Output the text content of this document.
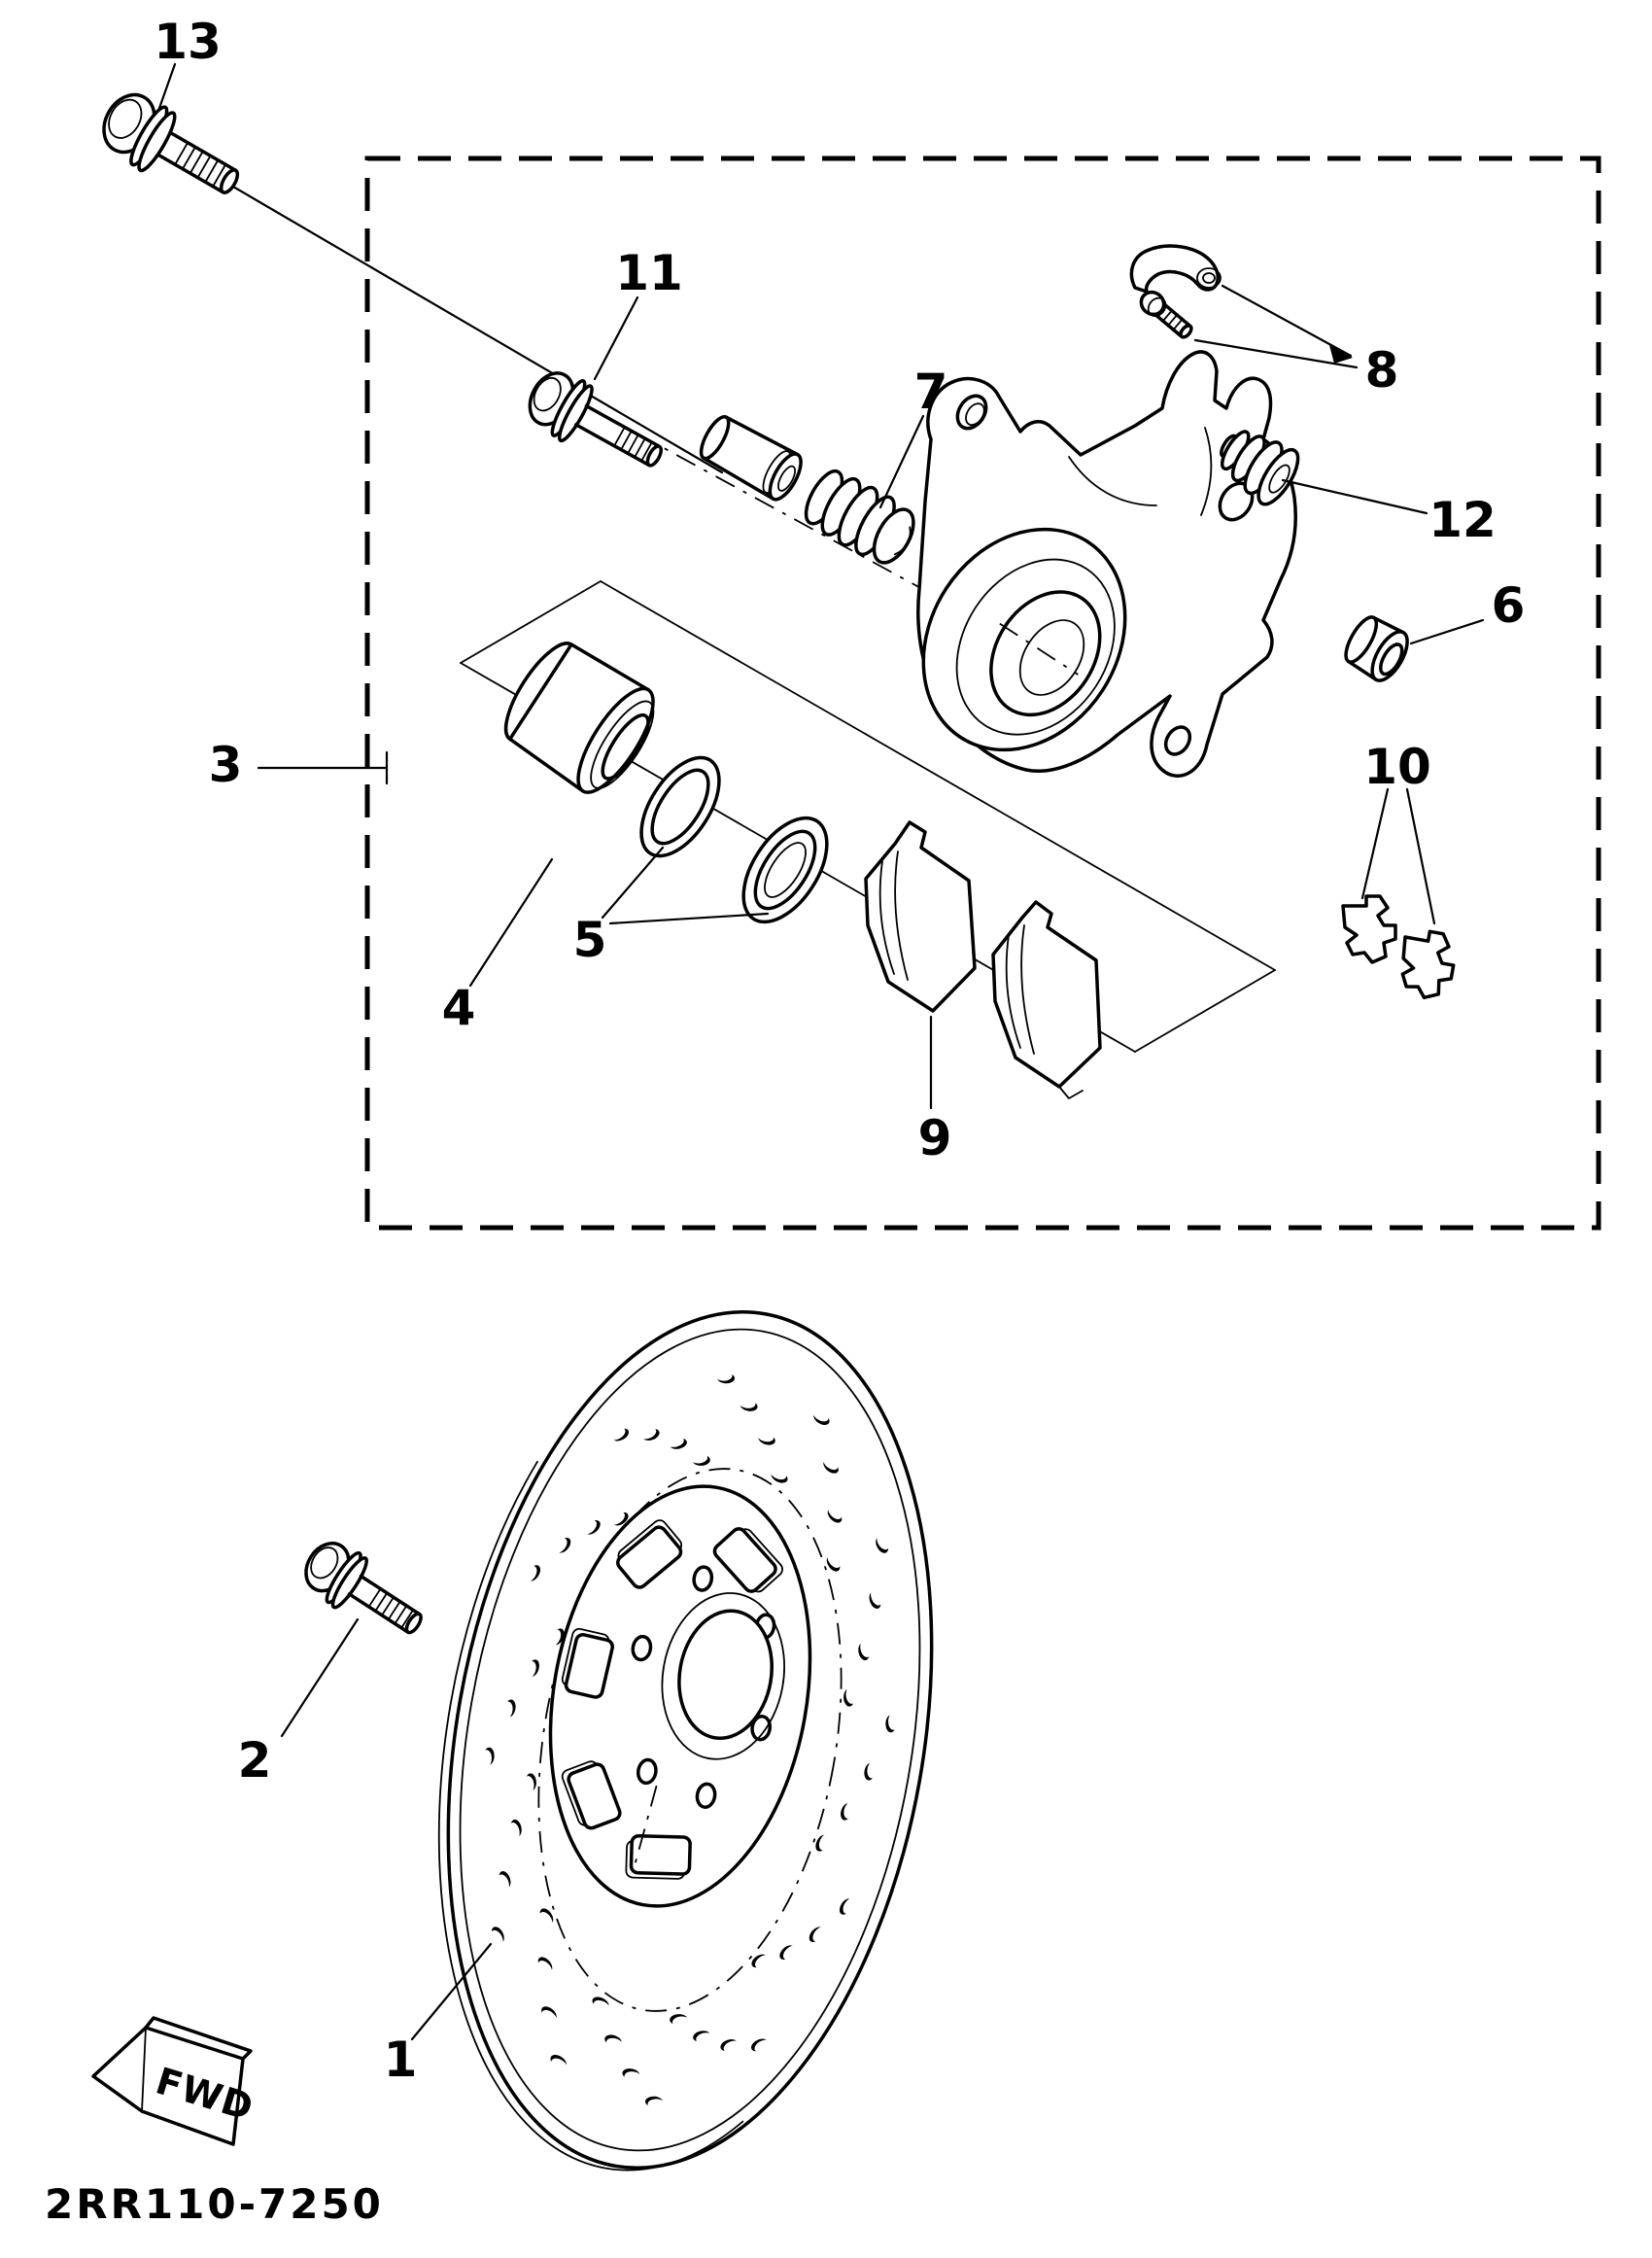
13
11
7	8
12
6
3
4
5
9
10
2
1
FWD
2RR110-7250
